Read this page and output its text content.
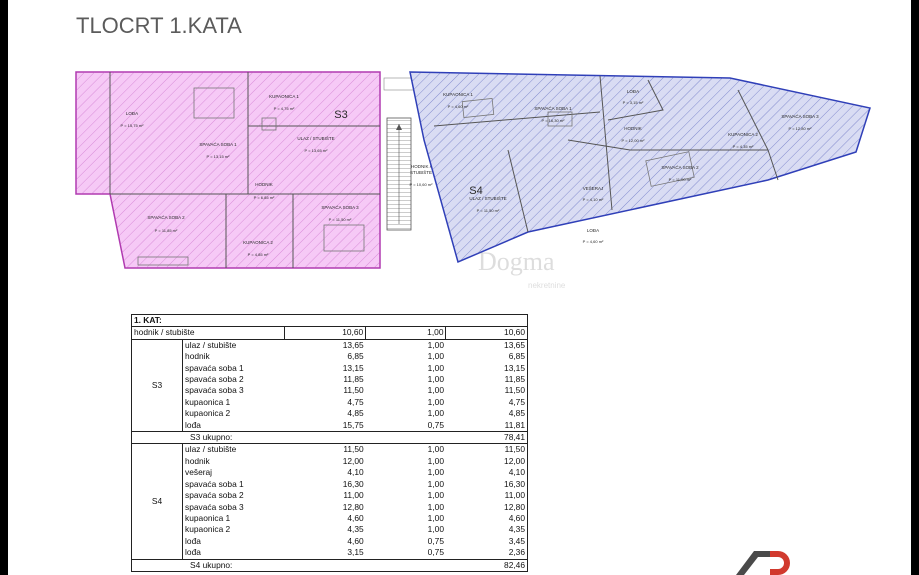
TLOCRT 1.KATA
LOĐA
P = 15,75 m²
SPAVAĆA SOBA 1
P = 13,15 m²
KUPAONICA 1
P = 4,75 m²
ULAZ / STUBIŠTE
P = 13,65 m²
HODNIK
P = 6,85 m²
SPAVAĆA SOBA 2
P = 11,85 m²
KUPAONICA 2
P = 4,85 m²
SPAVAĆA SOBA 3
P = 11,50 m²
S3
HODNIK /
STUBIŠTE
P = 10,60 m²
KUPAONICA 1
P = 4,60 m²	SPAVAĆA SOBA 1
P = 16,30 m²
LOĐA
P = 3,15 m²
HODNIK
P = 12,00 m²
ULAZ / STUBIŠTE
P = 11,50 m²
VEŠERAJ
P = 4,10 m²
SPAVAĆA SOBA 2
P = 11,00 m²
KUPAONICA 2
P = 4,35 m²
SPAVAĆA SOBA 3
P = 12,80 m²
LOĐA
P = 4,60 m²
S4
Dogma
nekretnine
1. KAT:				
hodnik / stubište		10,60	1,00	10,60
S3	ulaz / stubište	13,65	1,00	13,65
	hodnik	6,85	1,00	6,85
	spavaća soba 1	13,15	1,00	13,15
	spavaća soba 2	11,85	1,00	11,85
	spavaća soba 3	11,50	1,00	11,50
	kupaonica 1	4,75	1,00	4,75
	kupaonica 2	4,85	1,00	4,85
	lođa	15,75	0,75	11,81
S3 ukupno:				78,41
S4	ulaz / stubište	11,50	1,00	11,50
	hodnik	12,00	1,00	12,00
	vešeraj	4,10	1,00	4,10
	spavaća soba 1	16,30	1,00	16,30
	spavaća soba 2	11,00	1,00	11,00
	spavaća soba 3	12,80	1,00	12,80
	kupaonica 1	4,60	1,00	4,60
	kupaonica 2	4,35	1,00	4,35
	lođa	4,60	0,75	3,45
	lođa	3,15	0,75	2,36
S4 ukupno:				82,46
